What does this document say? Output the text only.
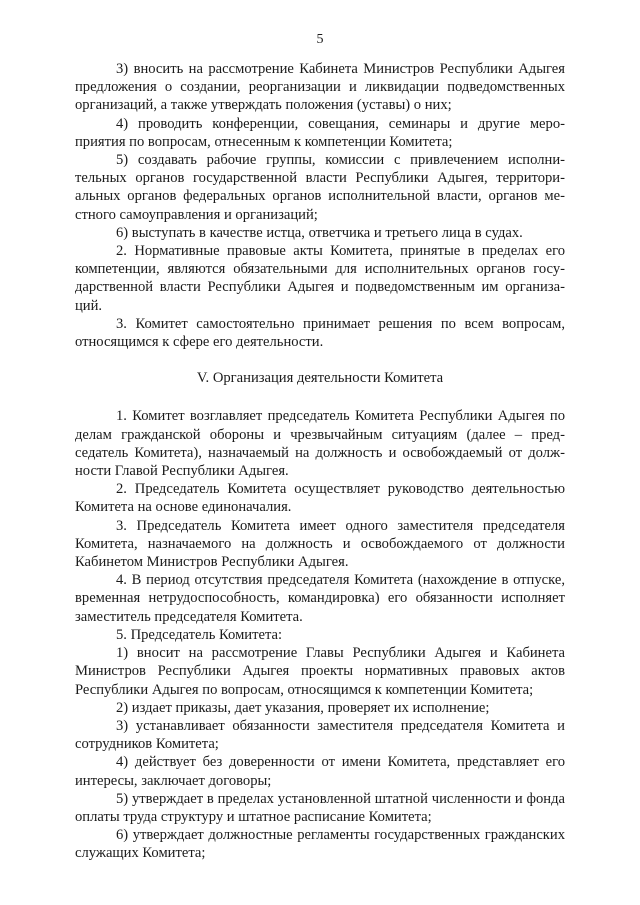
5

3) вносить на рассмотрение Кабинета Министров Республики Адыгея предложения о создании, реорганизации и ликвидации подведомственных организаций, а также утверждать положения (уставы) о них;

4) проводить конференции, совещания, семинары и другие мероприятия по вопросам, отнесенным к компетенции Комитета;

5) создавать рабочие группы, комиссии с привлечением исполнительных органов государственной власти Республики Адыгея, территориальных органов федеральных органов исполнительной власти, органов местного самоуправления и организаций;

6) выступать в качестве истца, ответчика и третьего лица в судах.

2. Нормативные правовые акты Комитета, принятые в пределах его компетенции, являются обязательными для исполнительных органов государственной власти Республики Адыгея и подведомственным им организаций.

3. Комитет самостоятельно принимает решения по всем вопросам, относящимся к сфере его деятельности.

V. Организация деятельности Комитета

1. Комитет возглавляет председатель Комитета Республики Адыгея по делам гражданской обороны и чрезвычайным ситуациям (далее – председатель Комитета), назначаемый на должность и освобождаемый от должности Главой Республики Адыгея.

2. Председатель Комитета осуществляет руководство деятельностью Комитета на основе единоначалия.

3. Председатель Комитета имеет одного заместителя председателя Комитета, назначаемого на должность и освобождаемого от должности Кабинетом Министров Республики Адыгея.

4. В период отсутствия председателя Комитета (нахождение в отпуске, временная нетрудоспособность, командировка) его обязанности исполняет заместитель председателя Комитета.

5. Председатель Комитета:

1) вносит на рассмотрение Главы Республики Адыгея и Кабинета Министров Республики Адыгея проекты нормативных правовых актов Республики Адыгея по вопросам, относящимся к компетенции Комитета;

2) издает приказы, дает указания, проверяет их исполнение;

3) устанавливает обязанности заместителя председателя Комитета и сотрудников Комитета;

4) действует без доверенности от имени Комитета, представляет его интересы, заключает договоры;

5) утверждает в пределах установленной штатной численности и фонда оплаты труда структуру и штатное расписание Комитета;

6) утверждает должностные регламенты государственных гражданских служащих Комитета;
